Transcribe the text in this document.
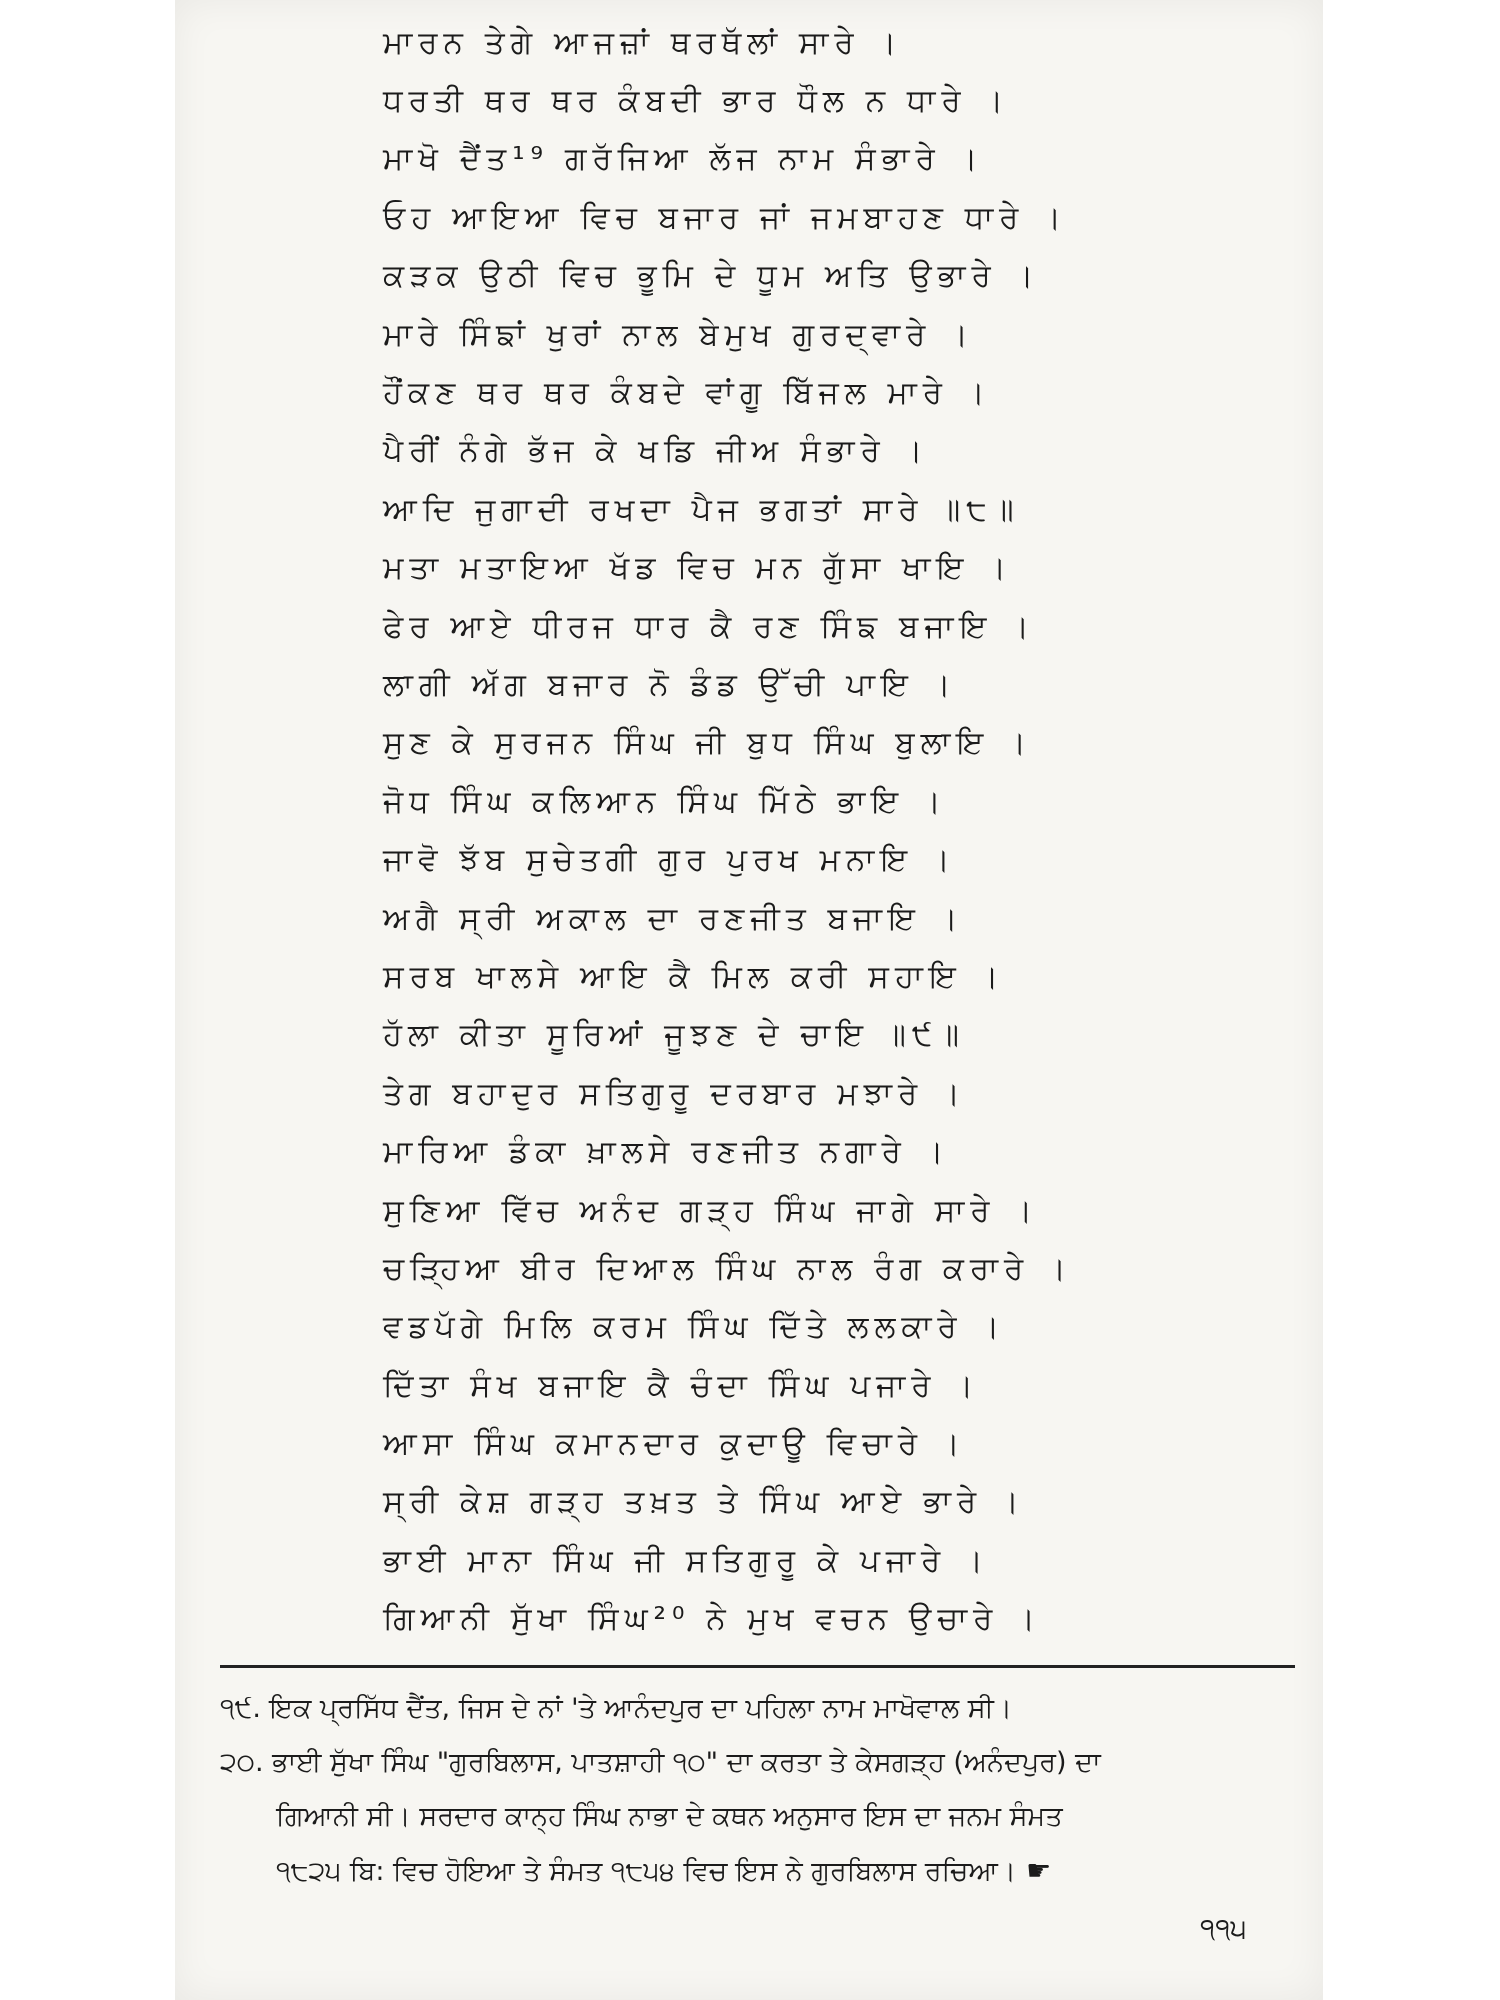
ਮਾਰਨ ਤੇਗੇ ਆਜਜ਼ਾਂ ਥਰਥੱਲਾਂ ਸਾਰੇ ।
ਧਰਤੀ ਥਰ ਥਰ ਕੰਬਦੀ ਭਾਰ ਧੌਲ ਨ ਧਾਰੇ ।
ਮਾਖੋ ਦੈਂਤ¹⁹ ਗਰੱਜਿਆ ਲੱਜ ਨਾਮ ਸੰਭਾਰੇ ।
ਓਹ ਆਇਆ ਵਿਚ ਬਜਾਰ ਜਾਂ ਜਮਬਾਹਣ ਧਾਰੇ ।
ਕੜਕ ਉਠੀ ਵਿਚ ਭੂਮਿ ਦੇ ਧੂਮ ਅਤਿ ਉਭਾਰੇ ।
ਮਾਰੇ ਸਿੰਙਾਂ ਖੁਰਾਂ ਨਾਲ ਬੇਮੁਖ ਗੁਰਦ੍ਵਾਰੇ ।
ਹੌਂਕਣ ਥਰ ਥਰ ਕੰਬਦੇ ਵਾਂਗੂ ਬਿੱਜਲ ਮਾਰੇ ।
ਪੈਰੀਂ ਨੰਗੇ ਭੱਜ ਕੇ ਖਡਿ ਜੀਅ ਸੰਭਾਰੇ ।
ਆਦਿ ਜੁਗਾਦੀ ਰਖਦਾ ਪੈਜ ਭਗਤਾਂ ਸਾਰੇ ॥੮॥
ਮਤਾ ਮਤਾਇਆ ਖੱਡ ਵਿਚ ਮਨ ਗੁੱਸਾ ਖਾਇ ।
ਫੇਰ ਆਏ ਧੀਰਜ ਧਾਰ ਕੈ ਰਣ ਸਿੰਙ ਬਜਾਇ ।
ਲਾਗੀ ਅੱਗ ਬਜਾਰ ਨੋ ਡੰਡ ਉੱਚੀ ਪਾਇ ।
ਸੁਣ ਕੇ ਸੁਰਜਨ ਸਿੰਘ ਜੀ ਬੁਧ ਸਿੰਘ ਬੁਲਾਇ ।
ਜੋਧ ਸਿੰਘ ਕਲਿਆਨ ਸਿੰਘ ਮਿੱਠੇ ਭਾਇ ।
ਜਾਵੋ ਝੱਬ ਸੁਚੇਤਗੀ ਗੁਰ ਪੁਰਖ ਮਨਾਇ ।
ਅਗੈ ਸ੍ਰੀ ਅਕਾਲ ਦਾ ਰਣਜੀਤ ਬਜਾਇ ।
ਸਰਬ ਖਾਲਸੇ ਆਇ ਕੈ ਮਿਲ ਕਰੀ ਸਹਾਇ ।
ਹੱਲਾ ਕੀਤਾ ਸੂਰਿਆਂ ਜੂਝਣ ਦੇ ਚਾਇ ॥੯॥
ਤੇਗ ਬਹਾਦੁਰ ਸਤਿਗੁਰੂ ਦਰਬਾਰ ਮਝਾਰੇ ।
ਮਾਰਿਆ ਡੰਕਾ ਖ਼ਾਲਸੇ ਰਣਜੀਤ ਨਗਾਰੇ ।
ਸੁਣਿਆ ਵਿੱਚ ਅਨੰਦ ਗੜ੍ਹ ਸਿੰਘ ਜਾਗੇ ਸਾਰੇ ।
ਚੜ੍ਹਿਆ ਬੀਰ ਦਿਆਲ ਸਿੰਘ ਨਾਲ ਰੰਗ ਕਰਾਰੇ ।
ਵਡਪੱਗੇ ਮਿਲਿ ਕਰਮ ਸਿੰਘ ਦਿੱਤੇ ਲਲਕਾਰੇ ।
ਦਿੱਤਾ ਸੰਖ ਬਜਾਇ ਕੈ ਚੰਦਾ ਸਿੰਘ ਪਜਾਰੇ ।
ਆਸਾ ਸਿੰਘ ਕਮਾਨਦਾਰ ਕੁਦਾਊ ਵਿਚਾਰੇ ।
ਸ੍ਰੀ ਕੇਸ਼ ਗੜ੍ਹ ਤਖ਼ਤ ਤੇ ਸਿੰਘ ਆਏ ਭਾਰੇ ।
ਭਾਈ ਮਾਨਾ ਸਿੰਘ ਜੀ ਸਤਿਗੁਰੂ ਕੇ ਪਜਾਰੇ ।
ਗਿਆਨੀ ਸੁੱਖਾ ਸਿੰਘ²⁰ ਨੇ ਮੁਖ ਵਚਨ ਉਚਾਰੇ ।
੧੯. ਇਕ ਪ੍ਰਸਿੱਧ ਦੈਂਤ, ਜਿਸ ਦੇ ਨਾਂ 'ਤੇ ਆਨੰਦਪੁਰ ਦਾ ਪਹਿਲਾ ਨਾਮ ਮਾਖੋਵਾਲ ਸੀ।
੨੦. ਭਾਈ ਸੁੱਖਾ ਸਿੰਘ "ਗੁਰਬਿਲਾਸ, ਪਾਤਸ਼ਾਹੀ ੧੦" ਦਾ ਕਰਤਾ ਤੇ ਕੇਸਗੜ੍ਹ (ਅਨੰਦਪੁਰ) ਦਾ
ਗਿਆਨੀ ਸੀ। ਸਰਦਾਰ ਕਾਨ੍ਹ ਸਿੰਘ ਨਾਭਾ ਦੇ ਕਥਨ ਅਨੁਸਾਰ ਇਸ ਦਾ ਜਨਮ ਸੰਮਤ
੧੮੨੫ ਬਿ: ਵਿਚ ਹੋਇਆ ਤੇ ਸੰਮਤ ੧੮੫੪ ਵਿਚ ਇਸ ਨੇ ਗੁਰਬਿਲਾਸ ਰਚਿਆ। ☛
੧੧੫
